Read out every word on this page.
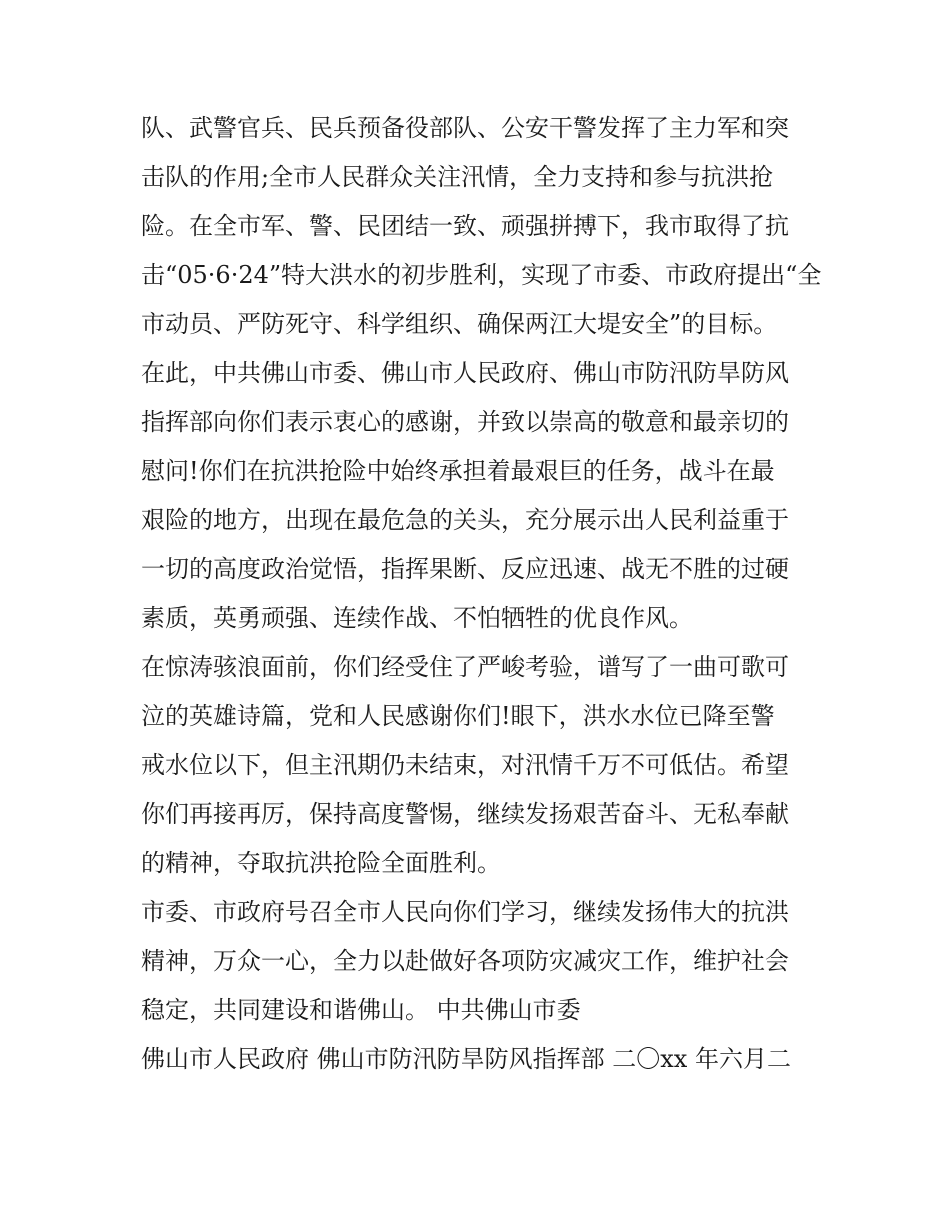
队、武警官兵、民兵预备役部队、公安干警发挥了主力军和突
击队的作用;全市人民群众关注汛情，全力支持和参与抗洪抢
险。在全市军、警、民团结一致、顽强拼搏下，我市取得了抗
击“05·6·24”特大洪水的初步胜利，实现了市委、市政府提出“全
市动员、严防死守、科学组织、确保两江大堤安全”的目标。
在此，中共佛山市委、佛山市人民政府、佛山市防汛防旱防风
指挥部向你们表示衷心的感谢，并致以崇高的敬意和最亲切的
慰问!你们在抗洪抢险中始终承担着最艰巨的任务，战斗在最
艰险的地方，出现在最危急的关头，充分展示出人民利益重于
一切的高度政治觉悟，指挥果断、反应迅速、战无不胜的过硬
素质，英勇顽强、连续作战、不怕牺牲的优良作风。
在惊涛骇浪面前，你们经受住了严峻考验，谱写了一曲可歌可
泣的英雄诗篇，党和人民感谢你们!眼下，洪水水位已降至警
戒水位以下，但主汛期仍未结束，对汛情千万不可低估。希望
你们再接再厉，保持高度警惕，继续发扬艰苦奋斗、无私奉献
的精神，夺取抗洪抢险全面胜利。
市委、市政府号召全市人民向你们学习，继续发扬伟大的抗洪
精神，万众一心，全力以赴做好各项防灾减灾工作，维护社会
稳定，共同建设和谐佛山。 中共佛山市委
佛山市人民政府 佛山市防汛防旱防风指挥部 二〇xx 年六月二
